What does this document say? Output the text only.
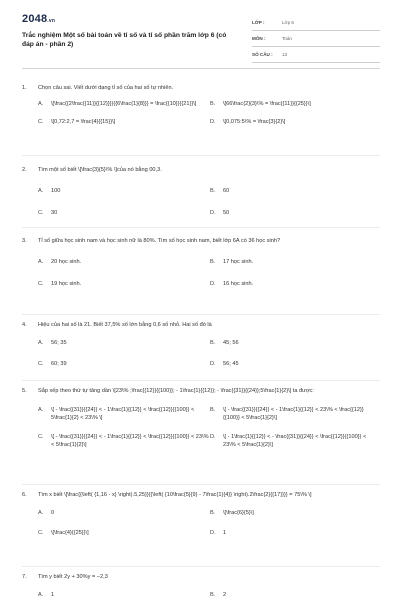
2048.vn
Trắc nghiệm Một số bài toán về tỉ số và tỉ số phần trăm lớp 6 (có đáp án - phần 2)
LỚP :	Lớp 6
MÔN :	Toán
SỐ CÂU :	13
1.	Chọn câu sai. Viết dưới dạng tỉ số của hai số tự nhiên.
A.	\[\frac{{2\frac{{11}}{{12}}}}{{6\frac{1}{8}}} = \frac{{10}}{{21}}\]	B.	\[66\frac{2}{3}\% = \frac{{11}}{{25}}\]
C.	\[0,72:2,7 = \frac{4}{{15}}\]	D.	\[0,075:5\% = \frac{3}{2}\]
2.	Tìm một số biết \[\frac{3}{5}\% \]của nó bằng 00,3.
A.	100	B.	60
C.	30	D.	50
3.	Tỉ số giữa học sinh nam và học sinh nữ là 80%. Tìm số học sinh nam, biết lớp 6A có 36 học sinh?
A.	20 học sinh.	B.	17 học sinh.
C.	19 học sinh.	D.	16 học sinh.
4.	Hiệu của hai số là 21. Biết 37,5% số lớn bằng 0,6 số nhỏ. Hai số đó là
A.	56; 35	B.	45; 56
C.	60; 39	D.	56; 45
5.	Sắp xếp theo thứ tự tăng dần \[23\% ;\frac{{12}}{{100}}; - 1\frac{1}{{12}}; - \frac{{31}}{{24}};5\frac{1}{2}\] ta được:
A.	\[ - \frac{{31}}{{24}} < - 1\frac{1}{{12}} < \frac{{12}}{{100}} < 5\frac{1}{2} < 23\% \]
B.	\[ - \frac{{31}}{{24}} < - 1\frac{1}{{12}} < 23\% < \frac{{12}}{{100}} < 5\frac{1}{2}\]
C.	\[ - \frac{{31}}{{24}} < - 1\frac{1}{{12}} < \frac{{12}}{{100}} < 23\% < 5\frac{1}{2}\]
D.	\[ - 1\frac{1}{{12}} < - \frac{{31}}{{24}} < \frac{{12}}{{100}} < 23\% < 5\frac{1}{2}\]
6.	Tìm x biết \[\frac{{\left( {1,16 - x} \right).5,25}}{{\left( {10\frac{5}{9} - 7\frac{1}{4}} \right).2\frac{2}{{17}}}} = 75\% \]
A.	0	B.	\[\frac{6}{5}\]
C.	\[\frac{4}{{25}}\]	D.	1
7.	Tìm y biết 2y + 30%y = −2,3
A.	1	B.	2
